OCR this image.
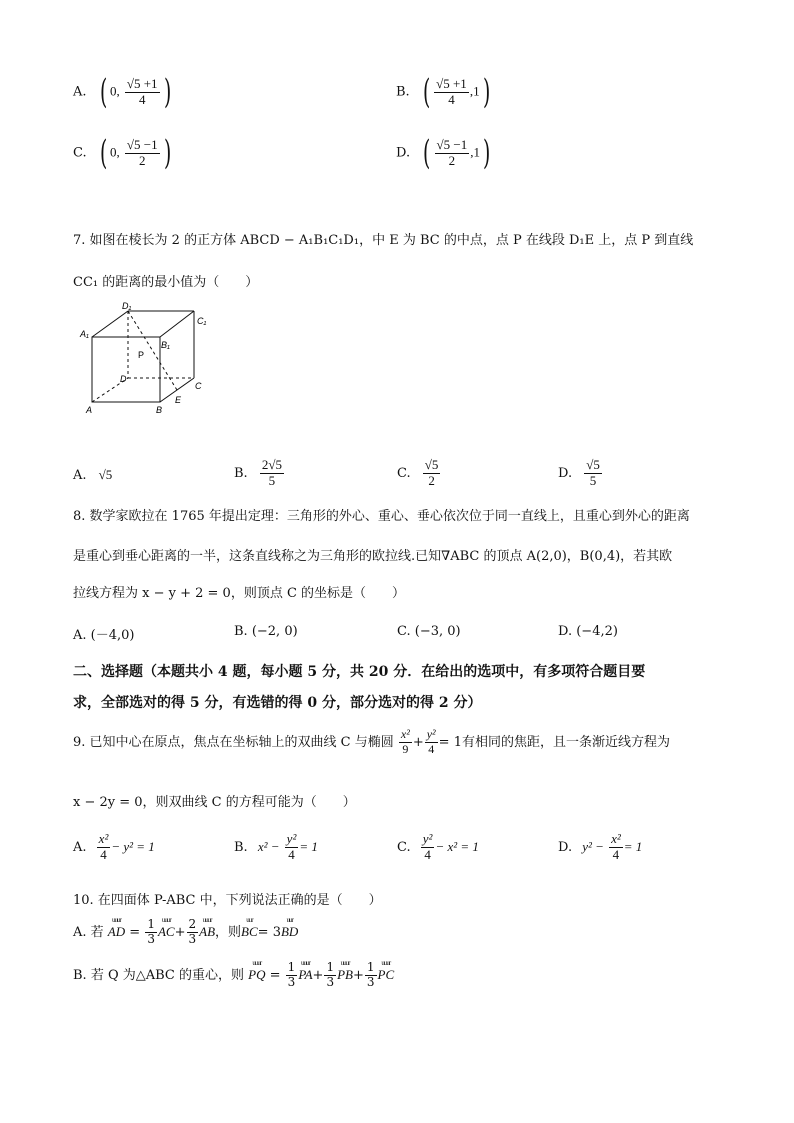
A. ( 0, $\frac{√5 +1}{4}$ )	B. ( $\frac{√5 +1}{4} ,1$)
C. ( 0, $\frac{√5 -1}{2}$ )	D. ( $\frac{√5 -1}{2} ,1$)
7. 如图在棱长为 2 的正方体 ABCD − A₁B₁C₁D₁，中 E 为 BC 的中点，点 P 在线段 D₁E 上，点 P 到直线
CC₁ 的距离的最小值为（　　）
D₁
C₁
A₁
B₁
P
D
C
A	B
E
A. √5	B. $\frac{2√5}{5}$	C. $\frac{√5}{2}$	D. $\frac{√5}{5}$
8. 数学家欧拉在 1765 年提出定理：三角形的外心、重心、垂心依次位于同一直线上，且重心到外心的距离
是重心到垂心距离的一半，这条直线称之为三角形的欧拉线.已知∇ABC 的顶点 A(2,0)，B(0,4)，若其欧
拉线方程为 x − y + 2 = 0，则顶点 C 的坐标是（　　）
A. (－4,0)	B. (−2, 0)	C. (−3, 0)	D. (−4,2)
二、选择题（本题共小 4 题，每小题 5 分，共 20 分．在给出的选项中，有多项符合题目要
求，全部选对的得 5 分，有选错的得 0 分，部分选对的得 2 分）
9. 已知中心在原点，焦点在坐标轴上的双曲线 C 与椭圆 $\frac{\text{x²}}{9} + \frac{\text{y²}}{4} = 1$有相同的焦距，且一条渐近线方程为
x − 2y = 0，则双曲线 C 的方程可能为（　　）
A. $\frac{\text{x²}}{4} - y^2 = 1$	B. $x^2 - \frac{\text{y²}}{4} = 1$	C. $\frac{\text{y²}}{4} - x^2 = 1$	D. $y^2 - \frac{\text{x²}}{4} = 1$
10. 在四面体 P-ABC 中，下列说法正确的是（　　）
A. 若
uuur
AD = $\frac{1}{3}$ uuur
$AC+ \frac{2}{3}$ uuur
AB，则
uur
BC= 3
uur
BD
B. 若 Q 为△ABC 的重心，则
uuur
PQ = $\frac{1}{3}$ uuur
$PA+ \frac{1}{3}$ uuur
$PB+ \frac{1}{3}$ uuur
PC
